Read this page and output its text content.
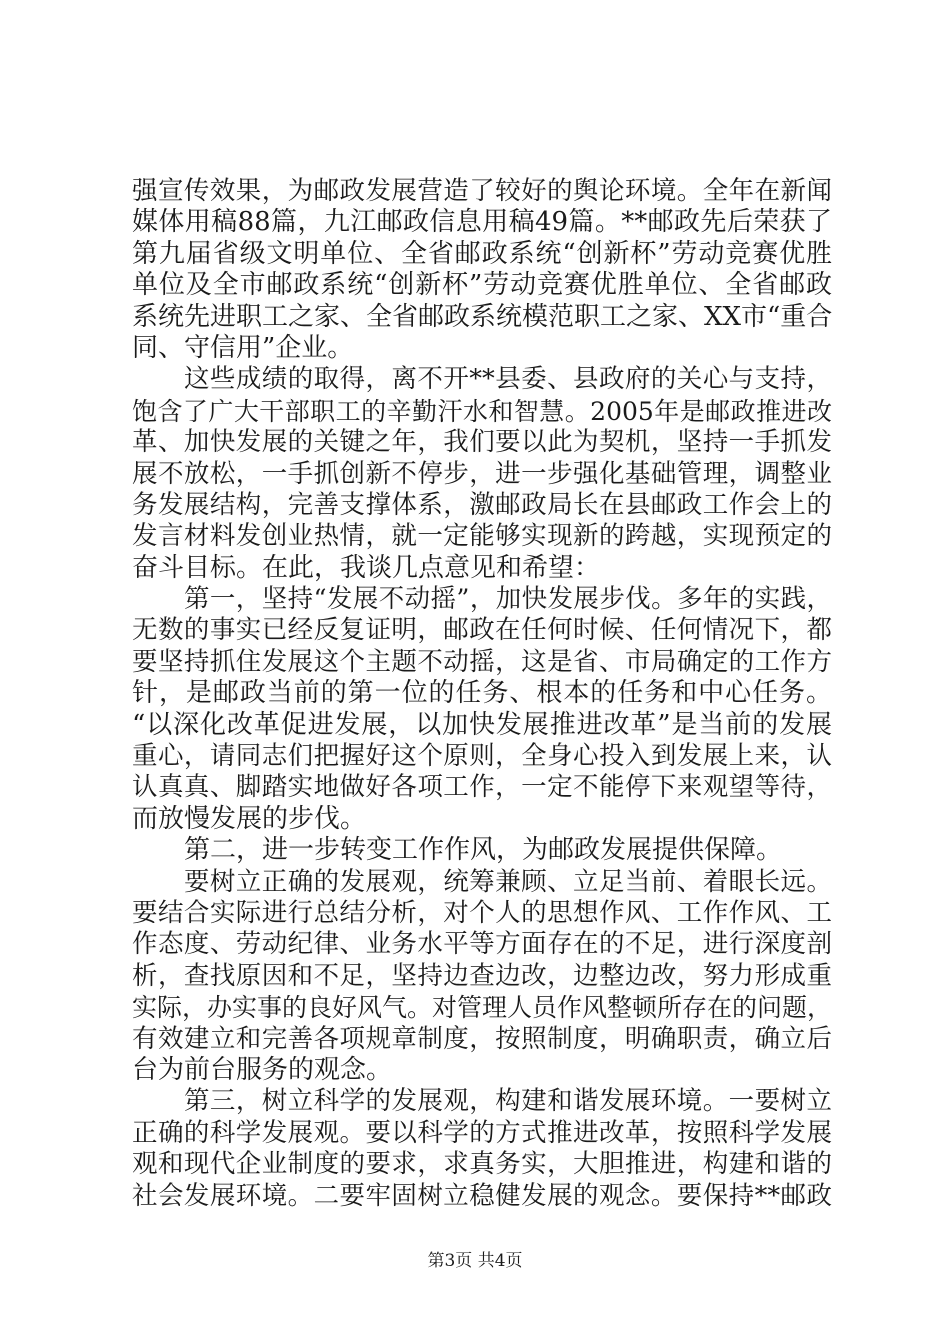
强宣传效果，为邮政发展营造了较好的舆论环境。全年在新闻
媒体用稿88篇，九江邮政信息用稿49篇。**邮政先后荣获了
第九届省级文明单位、全省邮政系统“创新杯”劳动竞赛优胜
单位及全市邮政系统“创新杯”劳动竞赛优胜单位、全省邮政
系统先进职工之家、全省邮政系统模范职工之家、XX市“重合
同、守信用”企业。
这些成绩的取得，离不开**县委、县政府的关心与支持，
饱含了广大干部职工的辛勤汗水和智慧。2005年是邮政推进改
革、加快发展的关键之年，我们要以此为契机，坚持一手抓发
展不放松，一手抓创新不停步，进一步强化基础管理，调整业
务发展结构，完善支撑体系，激邮政局长在县邮政工作会上的
发言材料发创业热情，就一定能够实现新的跨越，实现预定的
奋斗目标。在此，我谈几点意见和希望：
第一，坚持“发展不动摇”，加快发展步伐。多年的实践，
无数的事实已经反复证明，邮政在任何时候、任何情况下，都
要坚持抓住发展这个主题不动摇，这是省、市局确定的工作方
针，是邮政当前的第一位的任务、根本的任务和中心任务。
“以深化改革促进发展，以加快发展推进改革”是当前的发展
重心，请同志们把握好这个原则，全身心投入到发展上来，认
认真真、脚踏实地做好各项工作，一定不能停下来观望等待，
而放慢发展的步伐。
第二，进一步转变工作作风，为邮政发展提供保障。
要树立正确的发展观，统筹兼顾、立足当前、着眼长远。
要结合实际进行总结分析，对个人的思想作风、工作作风、工
作态度、劳动纪律、业务水平等方面存在的不足，进行深度剖
析，查找原因和不足，坚持边查边改，边整边改，努力形成重
实际，办实事的良好风气。对管理人员作风整顿所存在的问题，
有效建立和完善各项规章制度，按照制度，明确职责，确立后
台为前台服务的观念。
第三，树立科学的发展观，构建和谐发展环境。一要树立
正确的科学发展观。要以科学的方式推进改革，按照科学发展
观和现代企业制度的要求，求真务实，大胆推进，构建和谐的
社会发展环境。二要牢固树立稳健发展的观念。要保持**邮政
第3页 共4页
